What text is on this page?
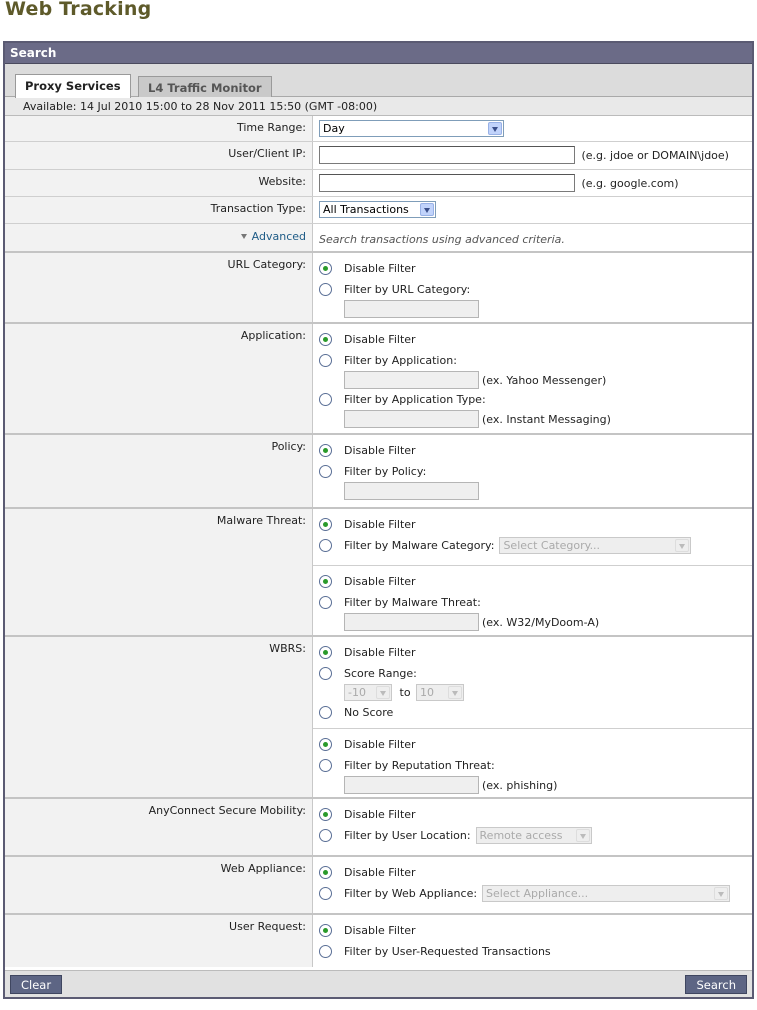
Web Tracking
Search
Proxy Services	L4 Traffic Monitor
Available: 14 Jul 2010 15:00 to 28 Nov 2011 15:50 (GMT -08:00)
Time Range:	Day
User/Client IP:	(e.g. jdoe or DOMAIN\jdoe)
Website:	(e.g. google.com)
Transaction Type:	All Transactions
Advanced	Search transactions using advanced criteria.
URL Category:	Disable Filter
Filter by URL Category:
Application:	Disable Filter
Filter by Application:
(ex. Yahoo Messenger)
Filter by Application Type:
(ex. Instant Messaging)
Policy:	Disable Filter
Filter by Policy:
Malware Threat:	Disable Filter
Filter by Malware Category: Select Category...
Disable Filter
Filter by Malware Threat:
(ex. W32/MyDoom-A)
WBRS:	Disable Filter
Score Range:
-10	to 10
No Score
Disable Filter
Filter by Reputation Threat:
(ex. phishing)
AnyConnect Secure Mobility:	Disable Filter
Filter by User Location: Remote access
Web Appliance:	Disable Filter
Filter by Web Appliance: Select Appliance...
User Request:	Disable Filter
Filter by User-Requested Transactions
Clear	Search
